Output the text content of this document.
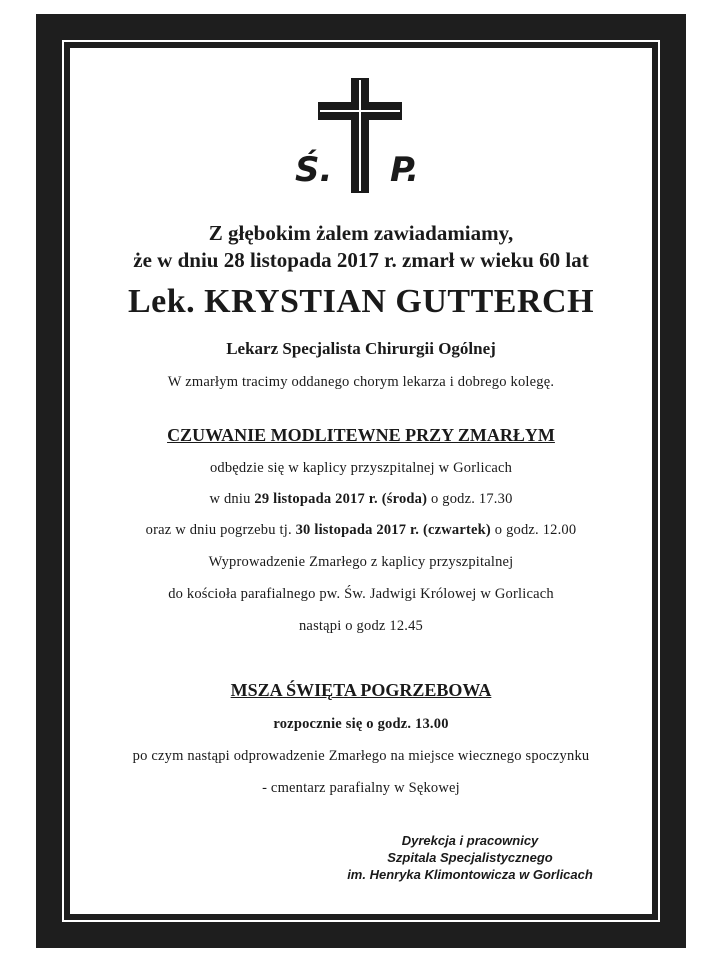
Ś. P.
Z głębokim żalem zawiadamiamy,
że w dniu 28 listopada 2017 r. zmarł w wieku 60 lat
Lek. KRYSTIAN GUTTERCH
Lekarz Specjalista Chirurgii Ogólnej
W zmarłym tracimy oddanego chorym lekarza i dobrego kolegę.
CZUWANIE MODLITEWNE PRZY ZMARŁYM
odbędzie się w kaplicy przyszpitalnej w Gorlicach
w dniu 29 listopada 2017 r. (środa) o godz. 17.30
oraz w dniu pogrzebu tj. 30 listopada 2017 r. (czwartek) o godz. 12.00
Wyprowadzenie Zmarłego z kaplicy przyszpitalnej
do kościoła parafialnego pw. Św. Jadwigi Królowej w Gorlicach
nastąpi o godz 12.45
MSZA ŚWIĘTA POGRZEBOWA
rozpocznie się o godz. 13.00
po czym nastąpi odprowadzenie Zmarłego na miejsce wiecznego spoczynku
- cmentarz parafialny w Sękowej
Dyrekcja i pracownicy
Szpitala Specjalistycznego
im. Henryka Klimontowicza w Gorlicach
